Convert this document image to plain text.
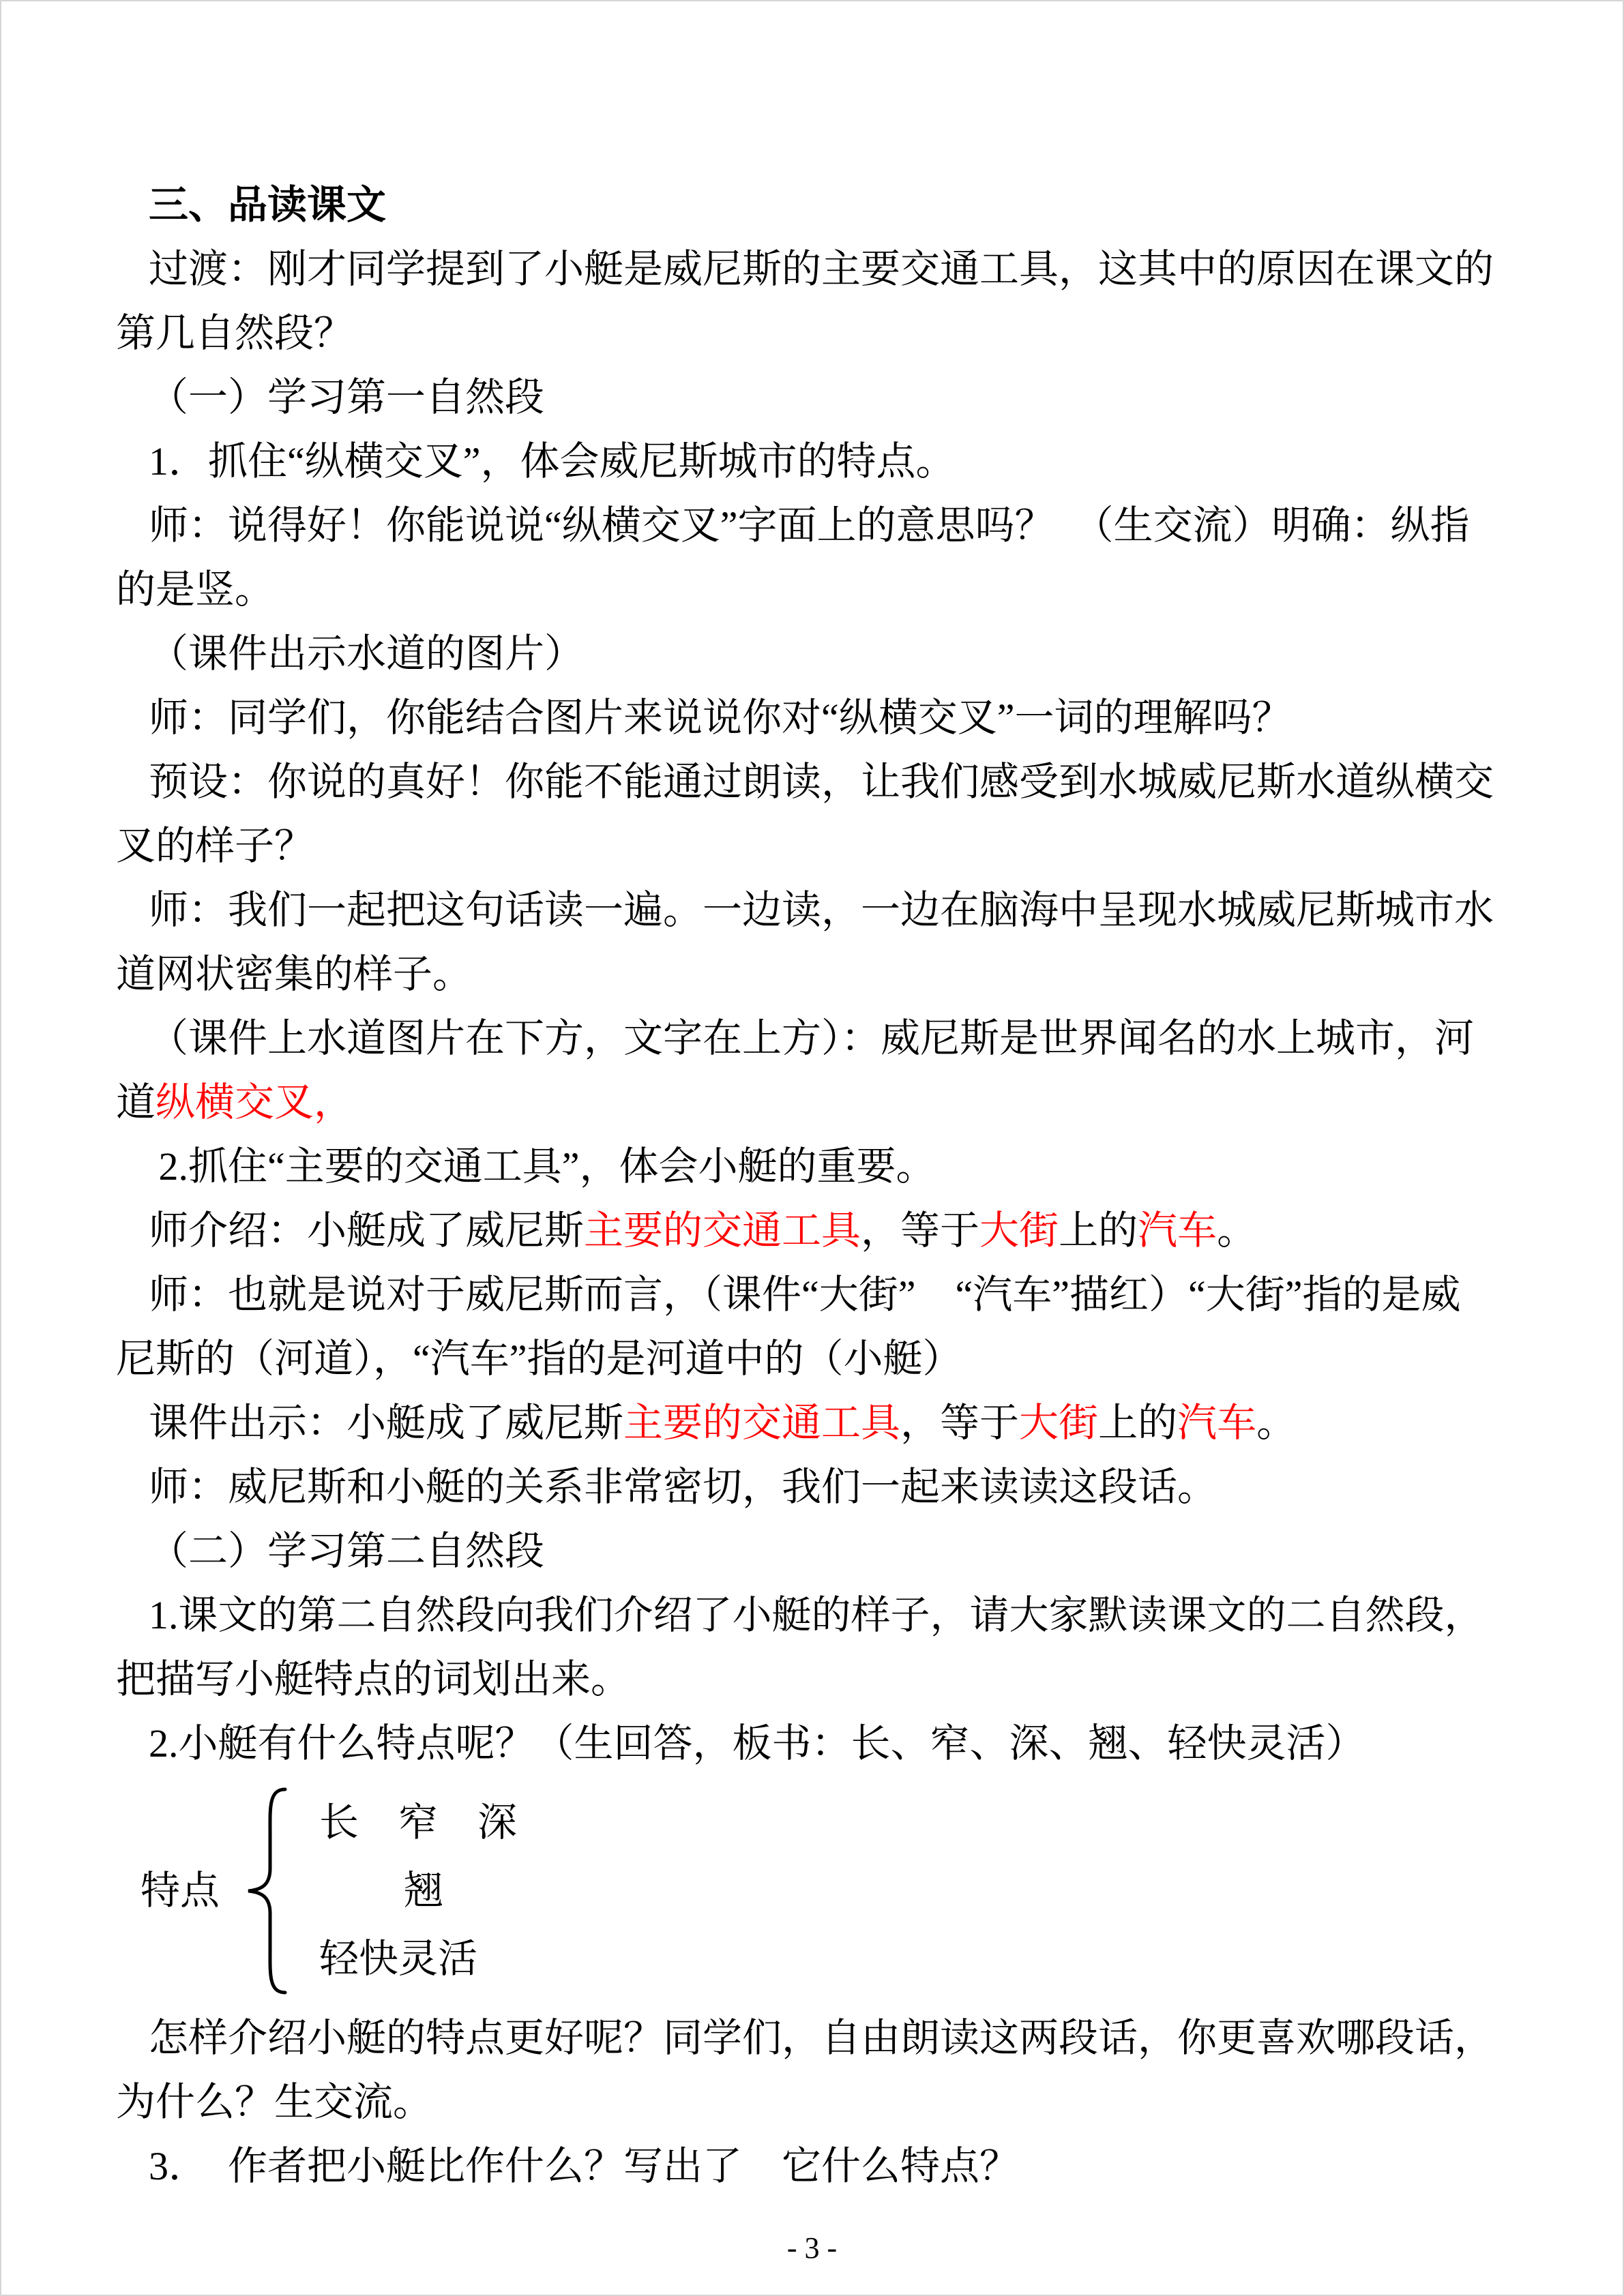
三、品读课文

过渡：刚才同学提到了小艇是威尼斯的主要交通工具，这其中的原因在课文的第几自然段？

（一）学习第一自然段

1．抓住“纵横交叉”，体会威尼斯城市的特点。

师：说得好！你能说说“纵横交叉”字面上的意思吗？　（生交流）明确：纵指的是竖。

（课件出示水道的图片）

师：同学们，你能结合图片来说说你对“纵横交叉”一词的理解吗？

预设：你说的真好！你能不能通过朗读，让我们感受到水城威尼斯水道纵横交叉的样子？

师：我们一起把这句话读一遍。一边读，一边在脑海中呈现水城威尼斯城市水道网状密集的样子。

（课件上水道图片在下方，文字在上方）：威尼斯是世界闻名的水上城市，河道纵横交叉，

2.抓住“主要的交通工具”，体会小艇的重要。

师介绍：小艇成了威尼斯主要的交通工具，等于大街上的汽车。

师：也就是说对于威尼斯而言，（课件“大街”　“汽车”描红）“大街”指的是威尼斯的（河道），“汽车”指的是河道中的（小艇）

课件出示：小艇成了威尼斯主要的交通工具，等于大街上的汽车。

师：威尼斯和小艇的关系非常密切，我们一起来读读这段话。

（二）学习第二自然段

1.课文的第二自然段向我们介绍了小艇的样子，请大家默读课文的二自然段，把描写小艇特点的词划出来。

2.小艇有什么特点呢？（生回答，板书：长、窄、深、翘、轻快灵活）

特点
长　窄　深
翘
轻快灵活

怎样介绍小艇的特点更好呢？同学们，自由朗读这两段话，你更喜欢哪段话，为什么？生交流。

3．　作者把小艇比作什么？写出了　它什么特点？

- 3 -
